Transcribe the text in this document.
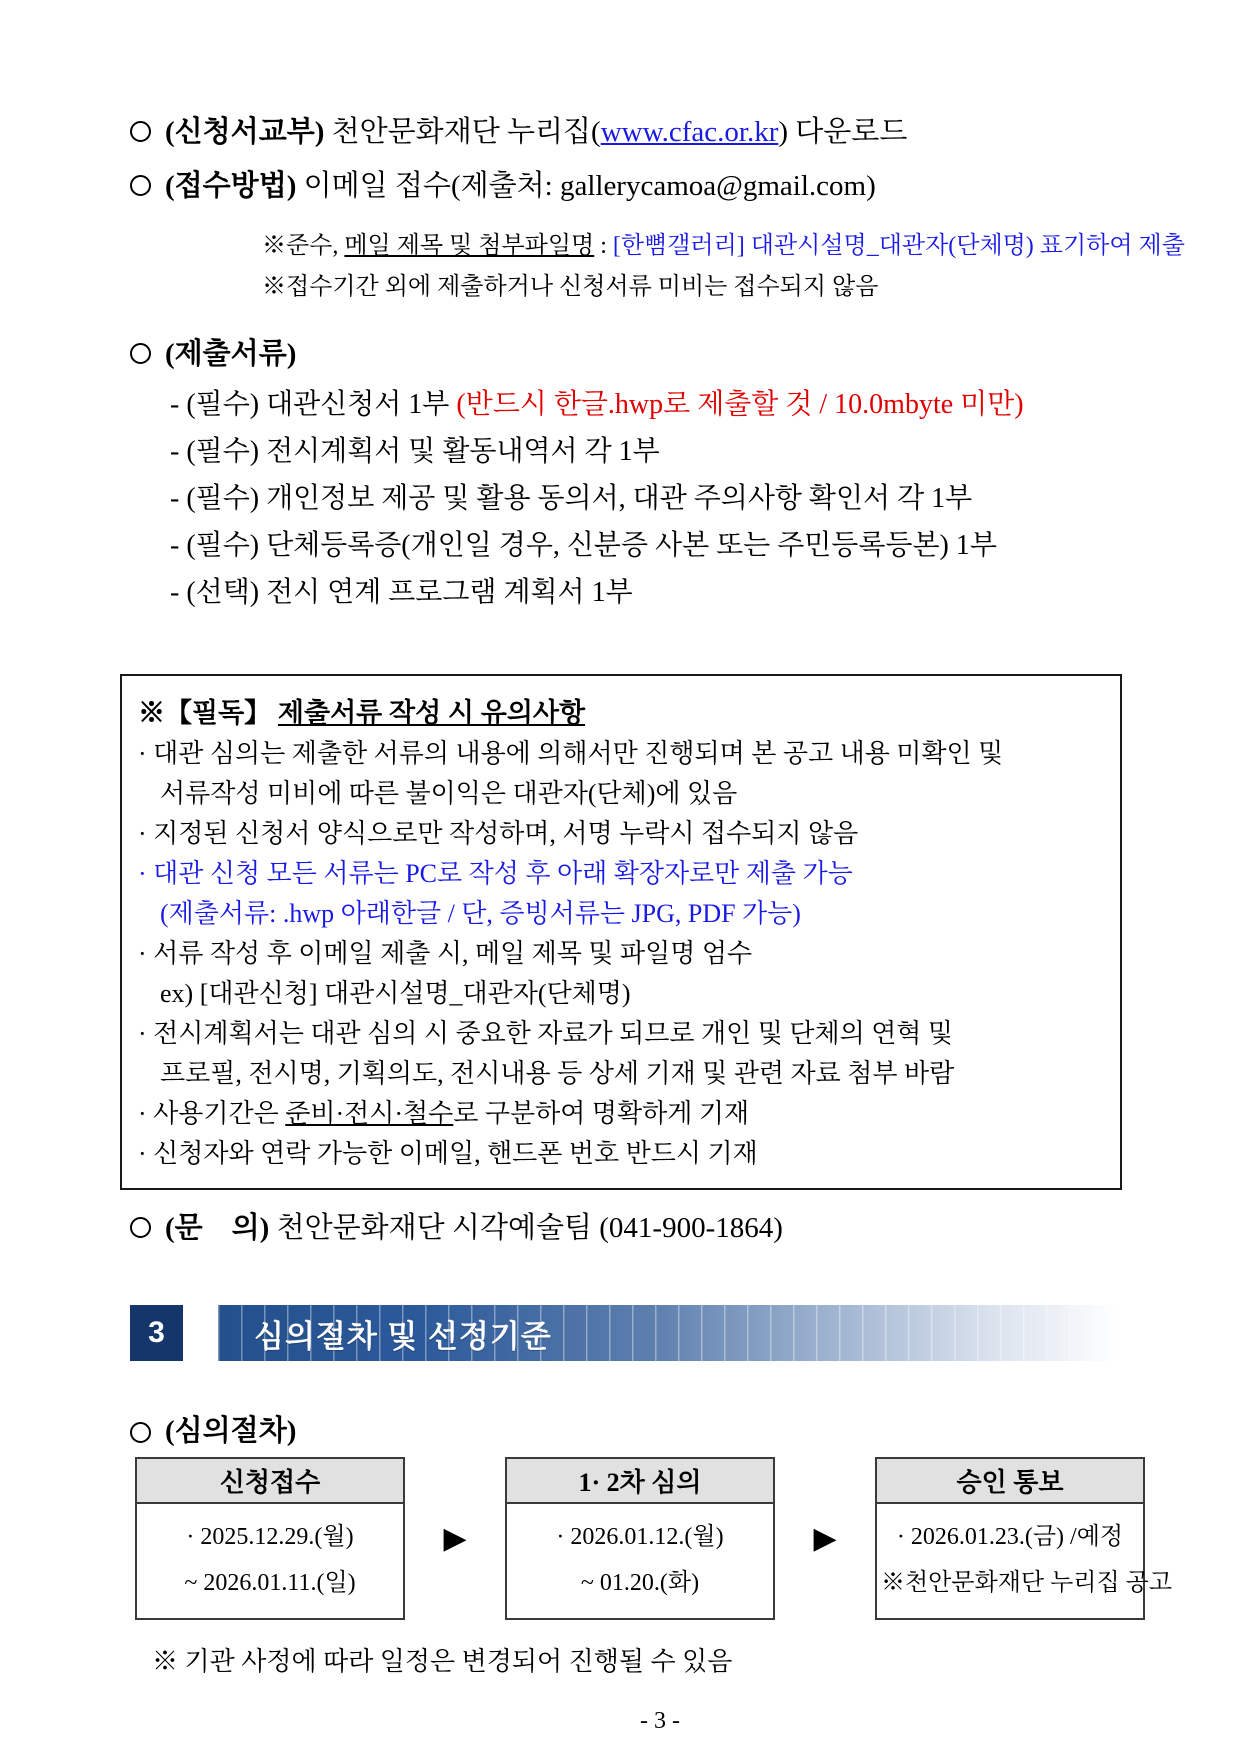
(신청서교부) 천안문화재단 누리집(www.cfac.or.kr) 다운로드
(접수방법) 이메일 접수(제출처: gallerycamoa@gmail.com)
※준수, 메일 제목 및 첨부파일명 : [한뼘갤러리] 대관시설명_대관자(단체명) 표기하여 제출
※접수기간 외에 제출하거나 신청서류 미비는 접수되지 않음
(제출서류)
- (필수) 대관신청서 1부 (반드시 한글.hwp로 제출할 것 / 10.0mbyte 미만)
- (필수) 전시계획서 및 활동내역서 각 1부
- (필수) 개인정보 제공 및 활용 동의서, 대관 주의사항 확인서 각 1부
- (필수) 단체등록증(개인일 경우, 신분증 사본 또는 주민등록등본) 1부
- (선택) 전시 연계 프로그램 계획서 1부
※【필독】 제출서류 작성 시 유의사항
· 대관 심의는 제출한 서류의 내용에 의해서만 진행되며 본 공고 내용 미확인 및
서류작성 미비에 따른 불이익은 대관자(단체)에 있음
· 지정된 신청서 양식으로만 작성하며, 서명 누락시 접수되지 않음
· 대관 신청 모든 서류는 PC로 작성 후 아래 확장자로만 제출 가능
(제출서류: .hwp 아래한글 / 단, 증빙서류는 JPG, PDF 가능)
· 서류 작성 후 이메일 제출 시, 메일 제목 및 파일명 엄수
ex) [대관신청] 대관시설명_대관자(단체명)
· 전시계획서는 대관 심의 시 중요한 자료가 되므로 개인 및 단체의 연혁 및
프로필, 전시명, 기획의도, 전시내용 등 상세 기재 및 관련 자료 첨부 바람
· 사용기간은 준비·전시·철수로 구분하여 명확하게 기재
· 신청자와 연락 가능한 이메일, 핸드폰 번호 반드시 기재
(문    의) 천안문화재단 시각예술팀 (041-900-1864)
3	심의절차 및 선정기준
(심의절차)
신청접수
· 2025.12.29.(월)
~ 2026.01.11.(일)
▶
1· 2차 심의
· 2026.01.12.(월)
~ 01.20.(화)
▶
승인 통보
· 2026.01.23.(금) /예정
※천안문화재단 누리집 공고
※ 기관 사정에 따라 일정은 변경되어 진행될 수 있음
- 3 -
